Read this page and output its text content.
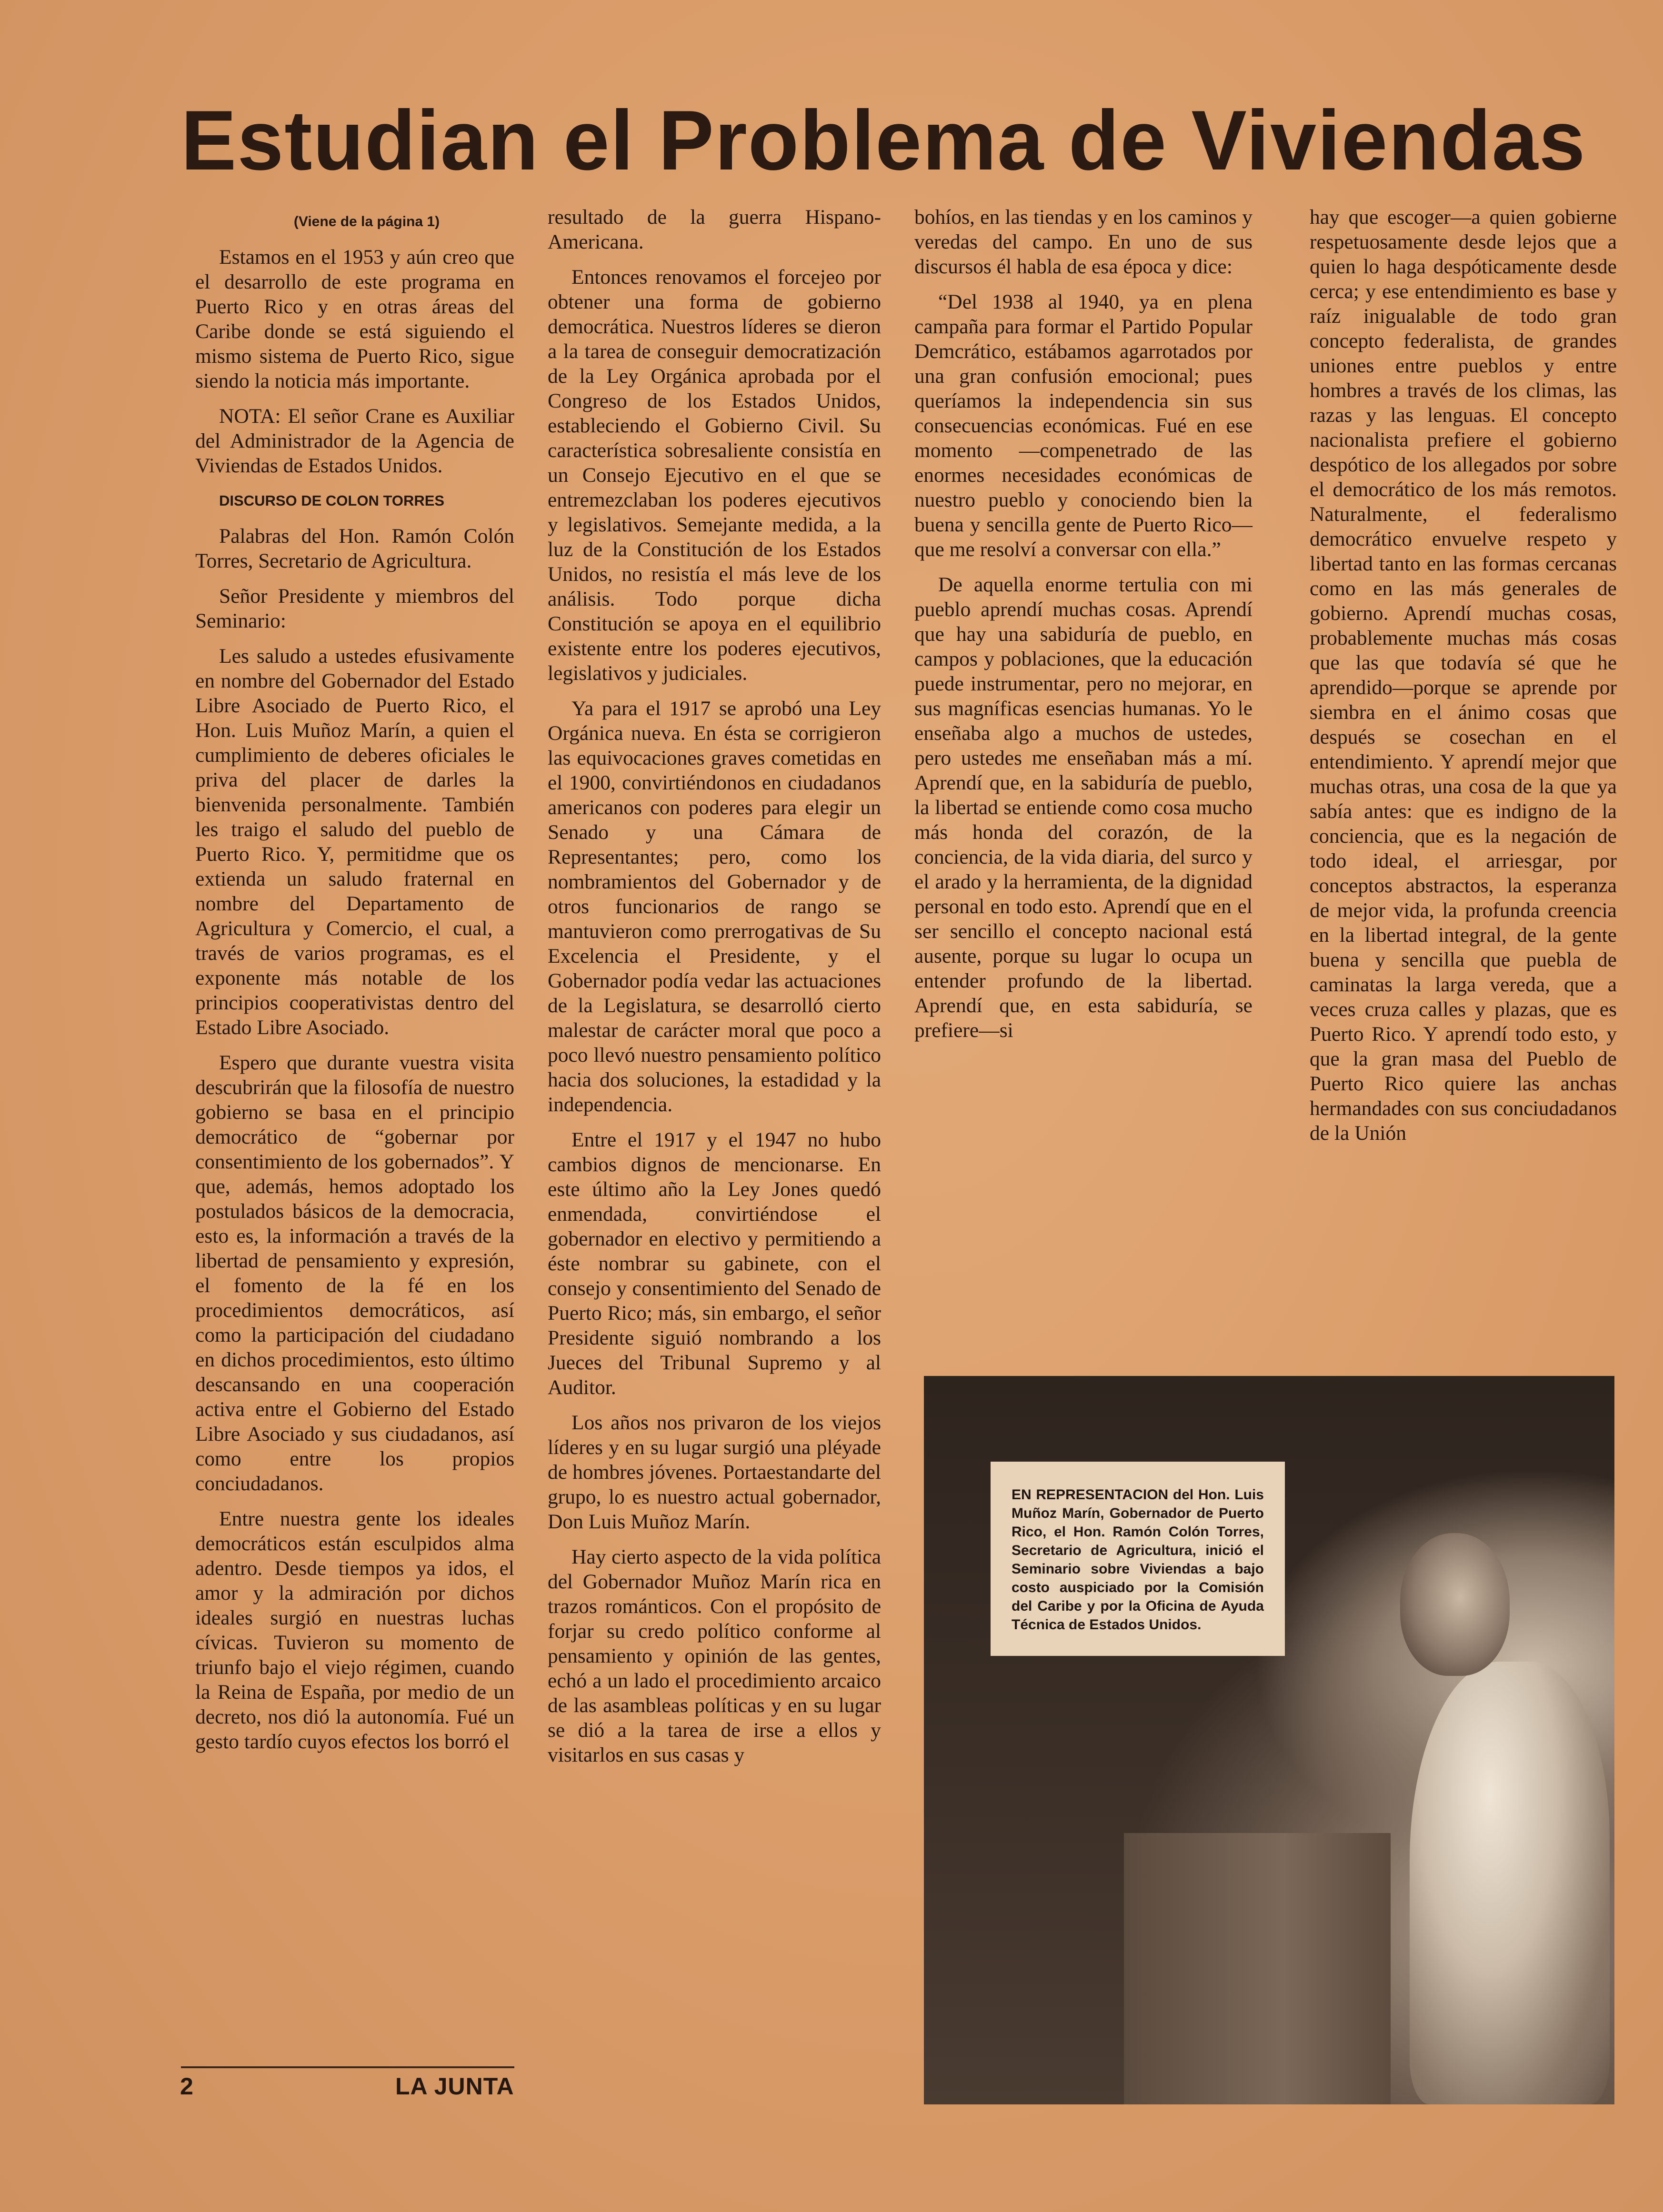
Estudian el Problema de Viviendas

(Viene de la página 1)

Estamos en el 1953 y aún creo que el desarrollo de este programa en Puerto Rico y en otras áreas del Caribe donde se está siguiendo el mismo sistema de Puerto Rico, sigue siendo la noticia más importante.

NOTA: El señor Crane es Auxiliar del Administrador de la Agencia de Viviendas de Estados Unidos.

DISCURSO DE COLON TORRES

Palabras del Hon. Ramón Colón Torres, Secretario de Agricultura.

Señor Presidente y miembros del Seminario:

Les saludo a ustedes efusivamente en nombre del Gobernador del Estado Libre Asociado de Puerto Rico, el Hon. Luis Muñoz Marín, a quien el cumplimiento de deberes oficiales le priva del placer de darles la bienvenida personalmente. También les traigo el saludo del pueblo de Puerto Rico. Y, permitidme que os extienda un saludo fraternal en nombre del Departamento de Agricultura y Comercio, el cual, a través de varios programas, es el exponente más notable de los principios cooperativistas dentro del Estado Libre Asociado.

Espero que durante vuestra visita descubrirán que la filosofía de nuestro gobierno se basa en el principio democrático de “gobernar por consentimiento de los gobernados”. Y que, además, hemos adoptado los postulados básicos de la democracia, esto es, la información a través de la libertad de pensamiento y expresión, el fomento de la fé en los procedimientos democráticos, así como la participación del ciudadano en dichos procedimientos, esto último descansando en una cooperación activa entre el Gobierno del Estado Libre Asociado y sus ciudadanos, así como entre los propios conciudadanos.

Entre nuestra gente los ideales democráticos están esculpidos alma adentro. Desde tiempos ya idos, el amor y la admiración por dichos ideales surgió en nuestras luchas cívicas. Tuvieron su momento de triunfo bajo el viejo régimen, cuando la Reina de España, por medio de un decreto, nos dió la autonomía. Fué un gesto tardío cuyos efectos los borró el

resultado de la guerra Hispano-Americana.

Entonces renovamos el forcejeo por obtener una forma de gobierno democrática. Nuestros líderes se dieron a la tarea de conseguir democratización de la Ley Orgánica aprobada por el Congreso de los Estados Unidos, estableciendo el Gobierno Civil. Su característica sobresaliente consistía en un Consejo Ejecutivo en el que se entremezclaban los poderes ejecutivos y legislativos. Semejante medida, a la luz de la Constitución de los Estados Unidos, no resistía el más leve de los análisis. Todo porque dicha Constitución se apoya en el equilibrio existente entre los poderes ejecutivos, legislativos y judiciales.

Ya para el 1917 se aprobó una Ley Orgánica nueva. En ésta se corrigieron las equivocaciones graves cometidas en el 1900, convirtiéndonos en ciudadanos americanos con poderes para elegir un Senado y una Cámara de Representantes; pero, como los nombramientos del Gobernador y de otros funcionarios de rango se mantuvieron como prerrogativas de Su Excelencia el Presidente, y el Gobernador podía vedar las actuaciones de la Legislatura, se desarrolló cierto malestar de carácter moral que poco a poco llevó nuestro pensamiento político hacia dos soluciones, la estadidad y la independencia.

Entre el 1917 y el 1947 no hubo cambios dignos de mencionarse. En este último año la Ley Jones quedó enmendada, convirtiéndose el gobernador en electivo y permitiendo a éste nombrar su gabinete, con el consejo y consentimiento del Senado de Puerto Rico; más, sin embargo, el señor Presidente siguió nombrando a los Jueces del Tribunal Supremo y al Auditor.

Los años nos privaron de los viejos líderes y en su lugar surgió una pléyade de hombres jóvenes. Portaestandarte del grupo, lo es nuestro actual gobernador, Don Luis Muñoz Marín.

Hay cierto aspecto de la vida política del Gobernador Muñoz Marín rica en trazos románticos. Con el propósito de forjar su credo político conforme al pensamiento y opinión de las gentes, echó a un lado el procedimiento arcaico de las asambleas políticas y en su lugar se dió a la tarea de irse a ellos y visitarlos en sus casas y

bohíos, en las tiendas y en los caminos y veredas del campo. En uno de sus discursos él habla de esa época y dice:

“Del 1938 al 1940, ya en plena campaña para formar el Partido Popular Demcrático, estábamos agarrotados por una gran confusión emocional; pues queríamos la independencia sin sus consecuencias económicas. Fué en ese momento —compenetrado de las enormes necesidades económicas de nuestro pueblo y conociendo bien la buena y sencilla gente de Puerto Rico— que me resolví a conversar con ella.”

De aquella enorme tertulia con mi pueblo aprendí muchas cosas. Aprendí que hay una sabiduría de pueblo, en campos y poblaciones, que la educación puede instrumentar, pero no mejorar, en sus magníficas esencias humanas. Yo le enseñaba algo a muchos de ustedes, pero ustedes me enseñaban más a mí. Aprendí que, en la sabiduría de pueblo, la libertad se entiende como cosa mucho más honda del corazón, de la conciencia, de la vida diaria, del surco y el arado y la herramienta, de la dignidad personal en todo esto. Aprendí que en el ser sencillo el concepto nacional está ausente, porque su lugar lo ocupa un entender profundo de la libertad. Aprendí que, en esta sabiduría, se prefiere—si

hay que escoger—a quien gobierne respetuosamente desde lejos que a quien lo haga despóticamente desde cerca; y ese entendimiento es base y raíz inigualable de todo gran concepto federalista, de grandes uniones entre pueblos y entre hombres a través de los climas, las razas y las lenguas. El concepto nacionalista prefiere el gobierno despótico de los allegados por sobre el democrático de los más remotos. Naturalmente, el federalismo democrático envuelve respeto y libertad tanto en las formas cercanas como en las más generales de gobierno. Aprendí muchas cosas, probablemente muchas más cosas que las que todavía sé que he aprendido—porque se aprende por siembra en el ánimo cosas que después se cosechan en el entendimiento. Y aprendí mejor que muchas otras, una cosa de la que ya sabía antes: que es indigno de la conciencia, que es la negación de todo ideal, el arriesgar, por conceptos abstractos, la esperanza de mejor vida, la profunda creencia en la libertad integral, de la gente buena y sencilla que puebla de caminatas la larga vereda, que a veces cruza calles y plazas, que es Puerto Rico. Y aprendí todo esto, y que la gran masa del Pueblo de Puerto Rico quiere las anchas hermandades con sus conciudadanos de la Unión

EN REPRESENTACION del Hon. Luis Muñoz Marín, Gobernador de Puerto Rico, el Hon. Ramón Colón Torres, Secretario de Agricultura, inició el Seminario sobre Viviendas a bajo costo auspiciado por la Comisión del Caribe y por la Oficina de Ayuda Técnica de Estados Unidos.
2	LA JUNTA
